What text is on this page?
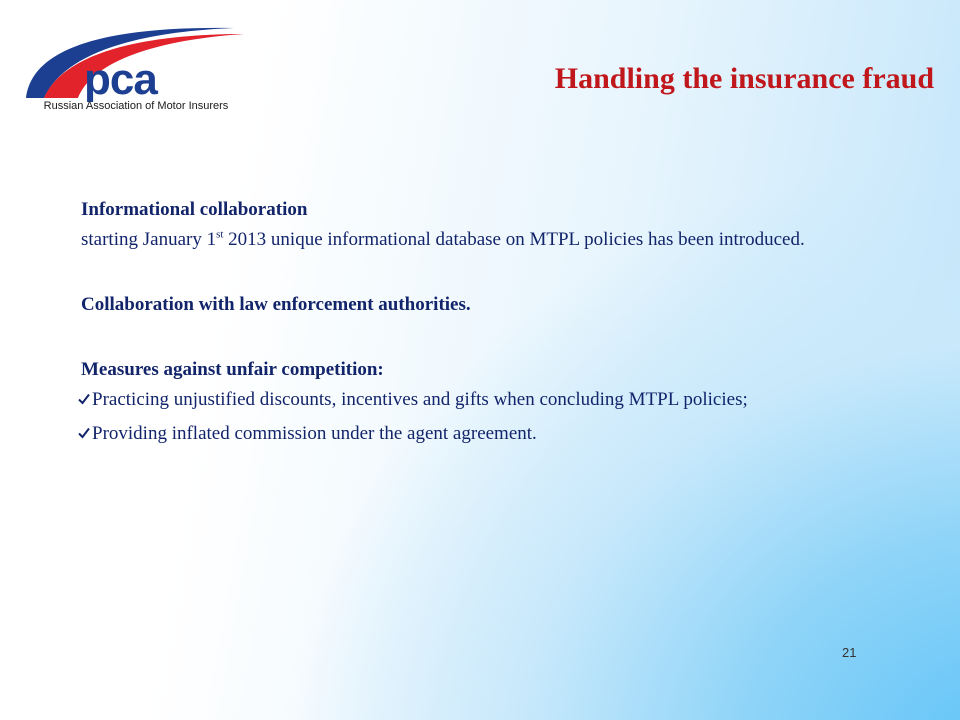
pca
Russian Association of Motor Insurers
Handling the insurance fraud

Informational collaboration

starting January 1st 2013 unique informational database on MTPL policies has been introduced.

Collaboration with law enforcement authorities.

Measures against unfair competition:

Practicing unjustified discounts, incentives and gifts when concluding MTPL policies;
Providing inflated commission under the agent agreement.
21
